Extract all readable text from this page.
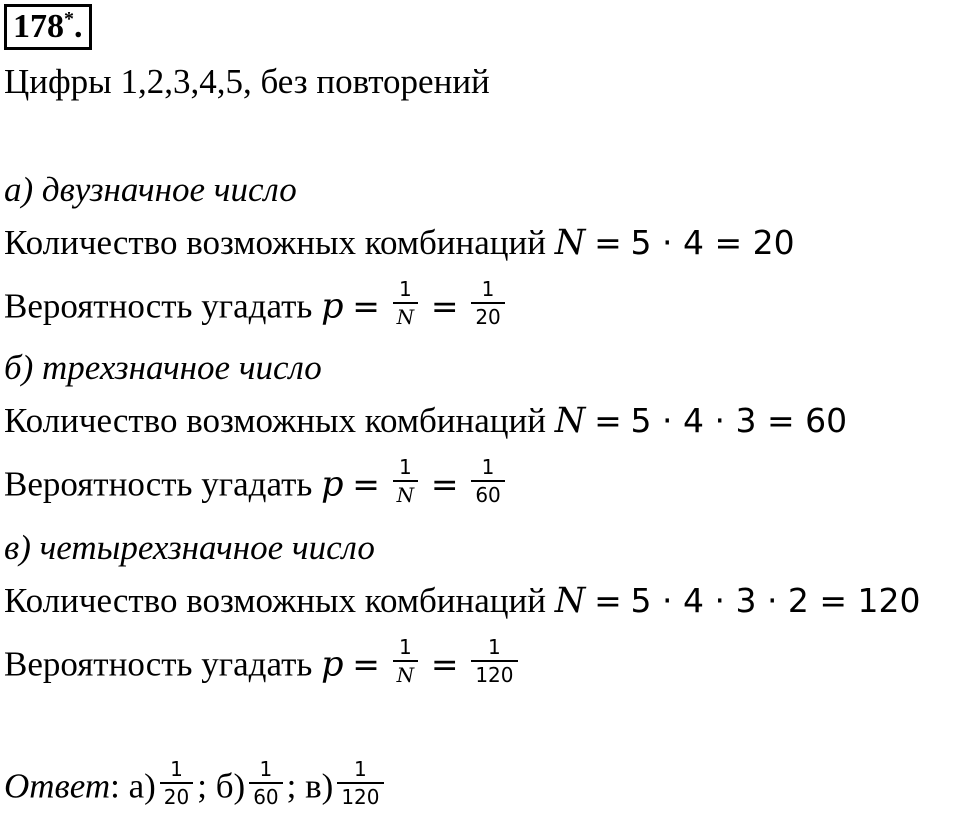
178*.
Цифры 1,2,3,4,5, без повторений
а) двузначное число
Количество возможных комбинаций N = 5 · 4 = 20
Вероятность угадать $p = \frac{1}{N} = \frac{1}{20}$
б) трехзначное число
Количество возможных комбинаций N = 5 · 4 · 3 = 60
Вероятность угадать $p = \frac{1}{N} = \frac{1}{60}$
в) четырехзначное число
Количество возможных комбинаций N = 5 · 4 · 3 · 2 = 120
Вероятность угадать $p = \frac{1}{N} = \frac{1}{120}$
Ответ: $а) \frac{1}{20}$ ; $б) \frac{1}{60}$ ; $в) \frac{1}{120}$
